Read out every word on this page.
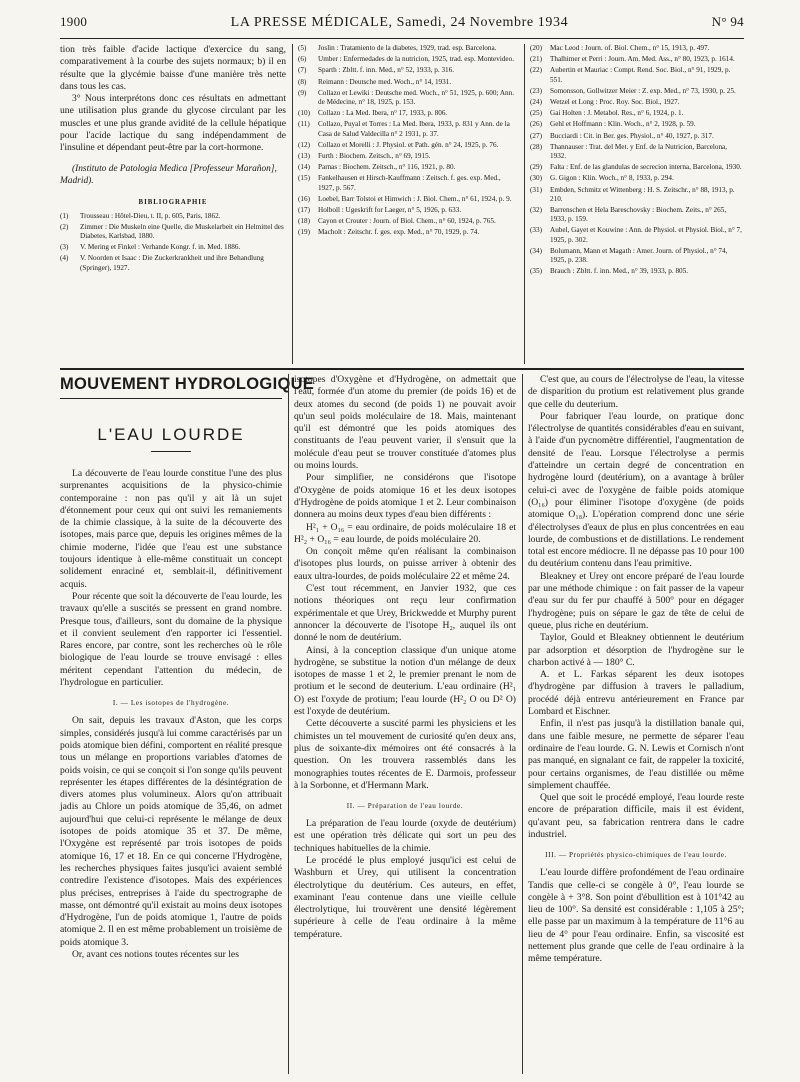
1900	LA PRESSE MÉDICALE, Samedi, 24 Novembre 1934	N° 94

tion très faible d'acide lactique d'exercice du sang, comparativement à la courbe des sujets normaux; b) il en résulte que la glycémie baisse d'une manière très nette dans tous les cas.

3° Nous interprétons donc ces résultats en admettant une utilisation plus grande du glycose circulant par les muscles et une plus grande avidité de la cellule hépatique pour l'acide lactique du sang indépendamment de l'insuline et dépendant peut-être par la cort-hormone.

(Instituto de Patologia Medica [Professeur Marañon], Madrid).

BIBLIOGRAPHIE

(1) Trousseau : Hôtel-Dieu, t. II, p. 605, Paris, 1862.

(2) Zimmer : Die Muskeln eine Quelle, die Muskelarbeit ein Helmittel des Diabetes, Karlsbad, 1880.

(3) V. Mering et Finkel : Verhande Kongr. f. in. Med. 1886.

(4) V. Noorden et Isaac : Die Zuckerkrankheit und ihre Behandlung (Springer), 1927.

(5) Joslin : Tratamiento de la diabetes, 1929, trad. esp. Barcelona.

(6) Umber : Enfermedades de la nutricion, 1925, trad. esp. Montevideo.

(7) Sparth : Zbltt. f. inn. Med., n° 52, 1933, p. 316.

(8) Reimann : Deutsche med. Woch., n° 14, 1931.

(9) Collazo et Lewiki : Deutsche med. Woch., n° 51, 1925, p. 600; Ann. de Médecine, n° 18, 1925, p. 153.

(10) Collazo : La Med. Ibera, n° 17, 1933, p. 806.

(11) Collazo, Puyal et Torres : La Med. Ibera, 1933, p. 831 y Ann. de la Casa de Salud Valdecilla n° 2 1931, p. 37.

(12) Collazo et Morelli : J. Physiol. et Path. gén. n° 24, 1925, p. 76.

(13) Furth : Biochem. Zeitsch., n° 69, 1915.

(14) Parnas : Biochem. Zeitsch., n° 116, 1921, p. 80.

(15) Fankelhausen et Hirsch-Kauffmann : Zeitsch. f. ges. exp. Med., 1927, p. 567.

(16) Loebel, Barr Tolstoi et Himwich : J. Biol. Chem., n° 61, 1924, p. 9.

(17) Holboll : Ugeskrift for Laeger, n° 5, 1926, p. 633.

(18) Cayon et Crouter : Journ. of Biol. Chem., n° 60, 1924, p. 765.

(19) Macholt : Zeitschr. f. ges. exp. Med., n° 70, 1929, p. 74.

(20) Mac Leod : Journ. of. Biol. Chem., n° 15, 1913, p. 497.

(21) Thalhimer et Perri : Journ. Am. Med. Ass., n° 80, 1923, p. 1614.

(22) Aubertin et Mauriac : Compt. Rend. Soc. Biol., n° 91, 1929, p. 551.

(23) Somonsson, Gollwitzer Meier : Z. exp. Med., n° 73, 1930, p. 25.

(24) Wetzel et Long : Proc. Roy. Soc. Biol., 1927.

(25) Gai Holten : J. Metabol. Res., n° 6, 1924, p. 1.

(26) Gehl et Hoffmann : Klin. Woch., n° 2, 1928, p. 59.

(27) Bucciardi : Cit. in Ber. ges. Physiol., n° 40, 1927, p. 317.

(28) Thannauser : Trat. del Met. y Enf. de la Nutricion, Barcelona, 1932.

(29) Falta : Enf. de las glandulas de secrecion interna, Barcelona, 1930.

(30) G. Gigon : Klin. Woch., n° 8, 1933, p. 294.

(31) Embden, Schmitz et Wittenberg : H. S. Zeitschr., n° 88, 1913, p. 210.

(32) Barrenschen et Hela Bareschovsky : Biochem. Zeits., n° 265, 1933, p. 159.

(33) Aubel, Gayet et Kouwine : Ann. de Physiol. et Physiol. Biol., n° 7, 1925, p. 302.

(34) Bolumann, Mann et Magath : Amer. Journ. of Physiol., n° 74, 1925, p. 238.

(35) Brauch : Zbltt. f. inn. Med., n° 39, 1933, p. 805.

MOUVEMENT HYDROLOGIQUE
L'EAU LOURDE

La découverte de l'eau lourde constitue l'une des plus surprenantes acquisitions de la physico-chimie contemporaine : non pas qu'il y ait là un sujet d'étonnement pour ceux qui ont suivi les remaniements de la chimie classique, à la suite de la découverte des isotopes, mais parce que, depuis les origines mêmes de la chimie moderne, l'idée que l'eau est une substance toujours identique à elle-même constituait un concept solidement enraciné et, semblait-il, définitivement acquis.

Pour récente que soit la découverte de l'eau lourde, les travaux qu'elle a suscités se pressent en grand nombre. Presque tous, d'ailleurs, sont du domaine de la physique et il convient seulement d'en rapporter ici l'essentiel. Rares encore, par contre, sont les recherches où le rôle biologique de l'eau lourde se trouve envisagé : elles méritent cependant l'attention du médecin, de l'hydrologue en particulier.

I. — Les isotopes de l'hydrogène.

On sait, depuis les travaux d'Aston, que les corps simples, considérés jusqu'à lui comme caractérisés par un poids atomique bien défini, comportent en réalité presque tous un mélange en proportions variables d'atomes de poids voisin, ce qui se conçoit si l'on songe qu'ils peuvent représenter les étapes différentes de la désintégration de divers atomes plus volumineux. Alors qu'on attribuait jadis au Chlore un poids atomique de 35,46, on admet aujourd'hui que celui-ci représente le mélange de deux isotopes de poids atomique 35 et 37. De même, l'Oxygène est représenté par trois isotopes de poids atomique 16, 17 et 18. En ce qui concerne l'Hydrogène, les recherches physiques faites jusqu'ici avaient semblé contredire l'existence d'isotopes. Mais des expériences plus précises, entreprises à l'aide du spectrographe de masse, ont démontré qu'il existait au moins deux isotopes d'Hydrogène, l'un de poids atomique 1, l'autre de poids atomique 2. Il en est même probablement un troisième de poids atomique 3.

Or, avant ces notions toutes récentes sur les

isotopes d'Oxygène et d'Hydrogène, on admettait que l'eau, formée d'un atome du premier (de poids 16) et de deux atomes du second (de poids 1) ne pouvait avoir qu'un seul poids moléculaire de 18. Mais, maintenant qu'il est démontré que les poids atomiques des constituants de l'eau peuvent varier, il s'ensuit que la molécule d'eau peut se trouver constituée d'atomes plus ou moins lourds.

Pour simplifier, ne considérons que l'isotope d'Oxygène de poids atomique 16 et les deux isotopes d'Hydrogène de poids atomique 1 et 2. Leur combinaison donnera au moins deux types d'eau bien différents :

H²₁ + O₁₆ = eau ordinaire, de poids moléculaire 18 et H²₂ + O₁₆ = eau lourde, de poids moléculaire 20.

On conçoit même qu'en réalisant la combinaison d'isotopes plus lourds, on puisse arriver à obtenir des eaux ultra-lourdes, de poids moléculaire 22 et même 24.

C'est tout récemment, en Janvier 1932, que ces notions théoriques ont reçu leur confirmation expérimentale et que Urey, Brickwedde et Murphy purent annoncer la découverte de l'isotope H₂, auquel ils ont donné le nom de deutérium.

Ainsi, à la conception classique d'un unique atome hydrogène, se substitue la notion d'un mélange de deux isotopes de masse 1 et 2, le premier prenant le nom de protium et le second de deuterium. L'eau ordinaire (H²₁ O) est l'oxyde de protium; l'eau lourde (H²₂ O ou D² O) est l'oxyde de deutérium.

Cette découverte a suscité parmi les physiciens et les chimistes un tel mouvement de curiosité qu'en deux ans, plus de soixante-dix mémoires ont été consacrés à la question. On les trouvera rassemblés dans les monographies toutes récentes de E. Darmois, professeur à la Sorbonne, et d'Hermann Mark.

II. — Préparation de l'eau lourde.

La préparation de l'eau lourde (oxyde de deutérium) est une opération très délicate qui sort un peu des techniques habituelles de la chimie.

Le procédé le plus employé jusqu'ici est celui de Washburn et Urey, qui utilisent la concentration électrolytique du deutérium. Ces auteurs, en effet, examinant l'eau contenue dans une vieille cellule électrolytique, lui trouvèrent une densité légèrement supérieure à celle de l'eau ordinaire à la même température.

C'est que, au cours de l'électrolyse de l'eau, la vitesse de disparition du protium est relativement plus grande que celle du deuterium.

Pour fabriquer l'eau lourde, on pratique donc l'électrolyse de quantités considérables d'eau en suivant, à l'aide d'un pycnomètre différentiel, l'augmentation de densité de l'eau. Lorsque l'électrolyse a permis d'atteindre un certain degré de concentration en hydrogène lourd (deutérium), on a avantage à brûler celui-ci avec de l'oxygène de faible poids atomique (O₁₆) pour éliminer l'isotope d'oxygène (de poids atomique O₁₈). L'opération comprend donc une série d'électrolyses d'eaux de plus en plus concentrées en eau lourde, de combustions et de distillations. Le rendement total est encore médiocre. Il ne dépasse pas 10 pour 100 du deutérium contenu dans l'eau primitive.

Bleakney et Urey ont encore préparé de l'eau lourde par une méthode chimique : on fait passer de la vapeur d'eau sur du fer pur chauffé à 500° pour en dégager l'hydrogène; puis on sépare le gaz de tête de celui de queue, plus riche en deutérium.

Taylor, Gould et Bleakney obtiennent le deutérium par adsorption et désorption de l'hydrogène sur le charbon activé à — 180° C.

A. et L. Farkas séparent les deux isotopes d'hydrogène par diffusion à travers le palladium, procédé déjà entrevu antérieurement en France par Lombard et Eischner.

Enfin, il n'est pas jusqu'à la distillation banale qui, dans une faible mesure, ne permette de séparer l'eau ordinaire de l'eau lourde. G. N. Lewis et Cornisch n'ont pas manqué, en signalant ce fait, de rappeler la toxicité, pour certains organismes, de l'eau distillée ou même simplement chauffée.

Quel que soit le procédé employé, l'eau lourde reste encore de préparation difficile, mais il est évident, qu'avant peu, sa fabrication rentrera dans le cadre industriel.

III. — Propriétés physico-chimiques de l'eau lourde.

L'eau lourde diffère profondément de l'eau ordinaire Tandis que celle-ci se congèle à 0°, l'eau lourde se congèle à + 3°8. Son point d'ébullition est à 101°42 au lieu de 100°. Sa densité est considérable : 1,105 à 25°; elle passe par un maximum à la température de 11°6 au lieu de 4° pour l'eau ordinaire. Enfin, sa viscosité est nettement plus grande que celle de l'eau ordinaire à la même température.
